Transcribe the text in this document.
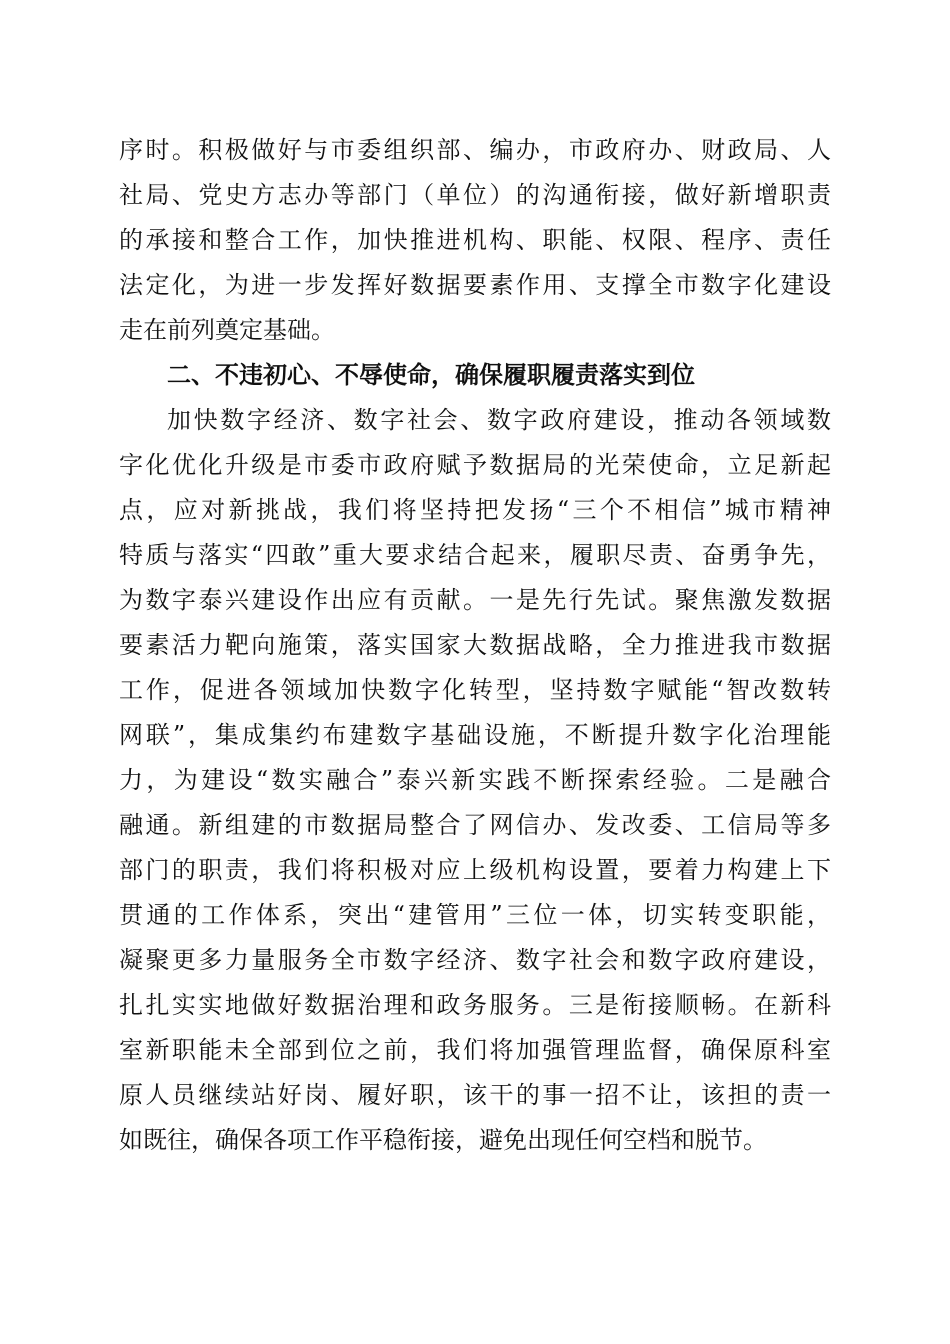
序时。积极做好与市委组织部、编办，市政府办、财政局、人
社局、党史方志办等部门（单位）的沟通衔接，做好新增职责
的承接和整合工作，加快推进机构、职能、权限、程序、责任
法定化，为进一步发挥好数据要素作用、支撑全市数字化建设
走在前列奠定基础。
二、不违初心、不辱使命，确保履职履责落实到位
加快数字经济、数字社会、数字政府建设，推动各领域数
字化优化升级是市委市政府赋予数据局的光荣使命，立足新起
点，应对新挑战，我们将坚持把发扬“三个不相信”城市精神
特质与落实“四敢”重大要求结合起来，履职尽责、奋勇争先，
为数字泰兴建设作出应有贡献。一是先行先试。聚焦激发数据
要素活力靶向施策，落实国家大数据战略，全力推进我市数据
工作，促进各领域加快数字化转型，坚持数字赋能“智改数转
网联”，集成集约布建数字基础设施，不断提升数字化治理能
力，为建设“数实融合”泰兴新实践不断探索经验。二是融合
融通。新组建的市数据局整合了网信办、发改委、工信局等多
部门的职责，我们将积极对应上级机构设置，要着力构建上下
贯通的工作体系，突出“建管用”三位一体，切实转变职能，
凝聚更多力量服务全市数字经济、数字社会和数字政府建设，
扎扎实实地做好数据治理和政务服务。三是衔接顺畅。在新科
室新职能未全部到位之前，我们将加强管理监督，确保原科室
原人员继续站好岗、履好职，该干的事一招不让，该担的责一
如既往，确保各项工作平稳衔接，避免出现任何空档和脱节。
